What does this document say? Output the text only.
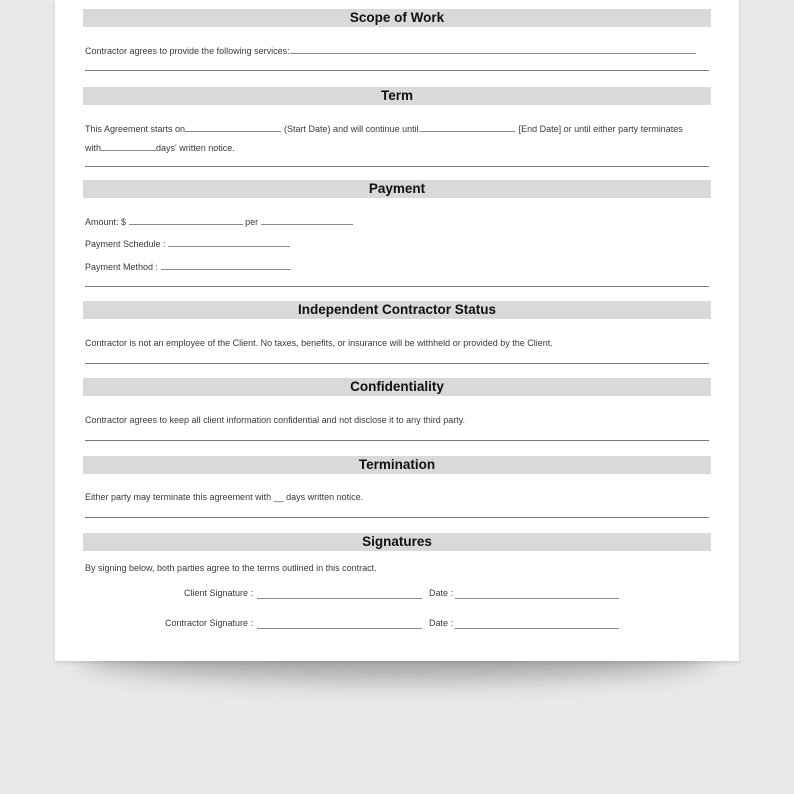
Scope of Work
Contractor agrees to provide the following services:
Term
This Agreement starts on	(Start Date) and will continue until	[End Date] or until either party terminates
with	days' written notice.
Payment
Amount: $	per
Payment Schedule :
Payment Method :
Independent Contractor Status
Contractor is not an employee of the Client. No taxes, benefits, or insurance will be withheld or provided by the Client.
Confidentiality
Contractor agrees to keep all client information confidential and not disclose it to any third party.
Termination
Either party may terminate this agreement with __ days written notice.
Signatures
By signing below, both parties agree to the terms outlined in this contract.
Client Signature :	Date :
Contractor Signature :	Date :
